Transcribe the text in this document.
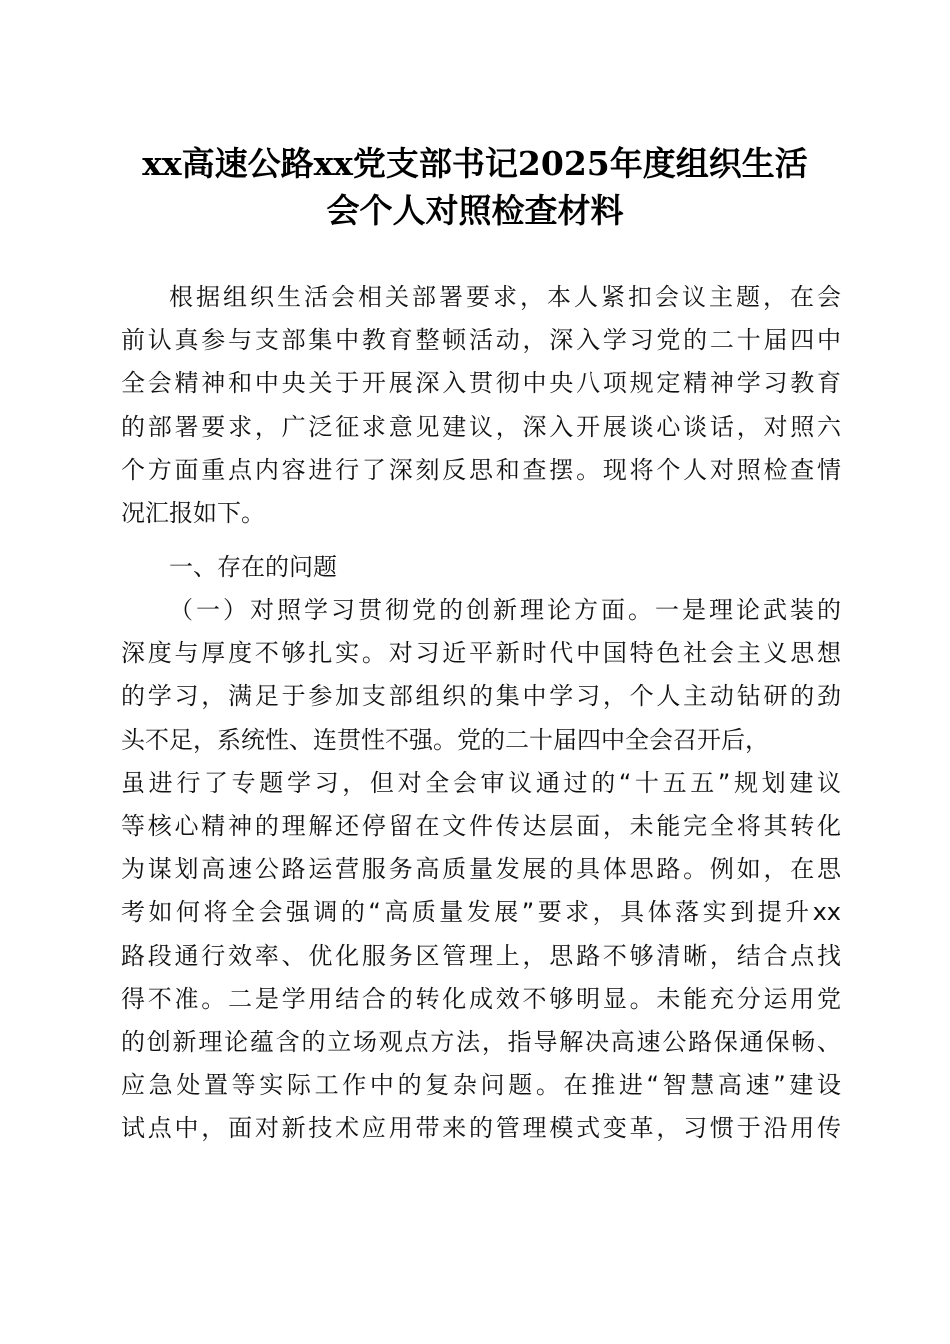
xx高速公路xx党支部书记2025年度组织生活
会个人对照检查材料
根据组织生活会相关部署要求，本人紧扣会议主题，在会
前认真参与支部集中教育整顿活动，深入学习党的二十届四中
全会精神和中央关于开展深入贯彻中央八项规定精神学习教育
的部署要求，广泛征求意见建议，深入开展谈心谈话，对照六
个方面重点内容进行了深刻反思和查摆。现将个人对照检查情
况汇报如下。
一、存在的问题
（一）对照学习贯彻党的创新理论方面。一是理论武装的
深度与厚度不够扎实。对习近平新时代中国特色社会主义思想
的学习，满足于参加支部组织的集中学习，个人主动钻研的劲
头不足，系统性、连贯性不强。党的二十届四中全会召开后，
虽进行了专题学习，但对全会审议通过的“十五五”规划建议
等核心精神的理解还停留在文件传达层面，未能完全将其转化
为谋划高速公路运营服务高质量发展的具体思路。例如，在思
考如何将全会强调的“高质量发展”要求，具体落实到提升xx
路段通行效率、优化服务区管理上，思路不够清晰，结合点找
得不准。二是学用结合的转化成效不够明显。未能充分运用党
的创新理论蕴含的立场观点方法，指导解决高速公路保通保畅、
应急处置等实际工作中的复杂问题。在推进“智慧高速”建设
试点中，面对新技术应用带来的管理模式变革，习惯于沿用传
